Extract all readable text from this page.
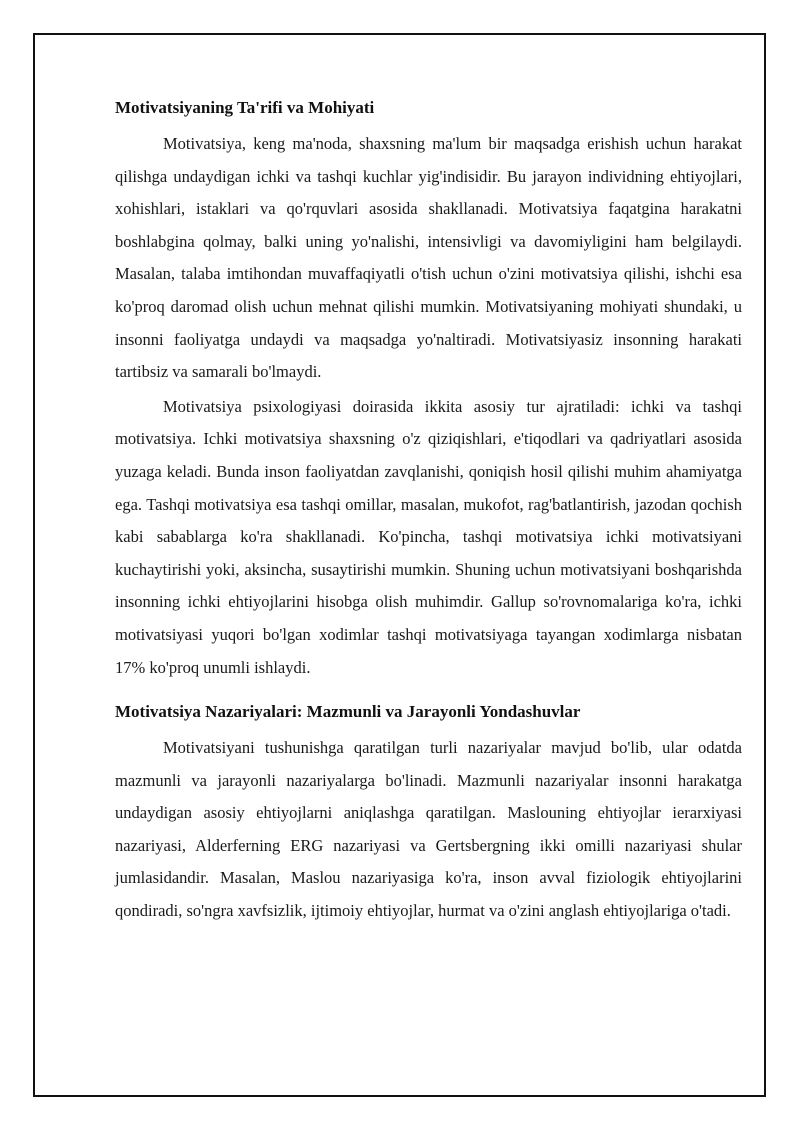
Motivatsiyaning Ta'rifi va Mohiyati

Motivatsiya, keng ma'noda, shaxsning ma'lum bir maqsadga erishish uchun harakat qilishga undaydigan ichki va tashqi kuchlar yig'indisidir. Bu jarayon individning ehtiyojlari, xohishlari, istaklari va qo'rquvlari asosida shakllanadi. Motivatsiya faqatgina harakatni boshlabgina qolmay, balki uning yo'nalishi, intensivligi va davomiyligini ham belgilaydi. Masalan, talaba imtihondan muvaffaqiyatli o'tish uchun o'zini motivatsiya qilishi, ishchi esa ko'proq daromad olish uchun mehnat qilishi mumkin. Motivatsiyaning mohiyati shundaki, u insonni faoliyatga undaydi va maqsadga yo'naltiradi. Motivatsiyasiz insonning harakati tartibsiz va samarali bo'lmaydi.

Motivatsiya psixologiyasi doirasida ikkita asosiy tur ajratiladi: ichki va tashqi motivatsiya. Ichki motivatsiya shaxsning o'z qiziqishlari, e'tiqodlari va qadriyatlari asosida yuzaga keladi. Bunda inson faoliyatdan zavqlanishi, qoniqish hosil qilishi muhim ahamiyatga ega. Tashqi motivatsiya esa tashqi omillar, masalan, mukofot, rag'batlantirish, jazodan qochish kabi sabablarga ko'ra shakllanadi. Ko'pincha, tashqi motivatsiya ichki motivatsiyani kuchaytirishi yoki, aksincha, susaytirishi mumkin. Shuning uchun motivatsiyani boshqarishda insonning ichki ehtiyojlarini hisobga olish muhimdir. Gallup so'rovnomalariga ko'ra, ichki motivatsiyasi yuqori bo'lgan xodimlar tashqi motivatsiyaga tayangan xodimlarga nisbatan 17% ko'proq unumli ishlaydi.

Motivatsiya Nazariyalari: Mazmunli va Jarayonli Yondashuvlar

Motivatsiyani tushunishga qaratilgan turli nazariyalar mavjud bo'lib, ular odatda mazmunli va jarayonli nazariyalarga bo'linadi. Mazmunli nazariyalar insonni harakatga undaydigan asosiy ehtiyojlarni aniqlashga qaratilgan. Maslouning ehtiyojlar ierarxiyasi nazariyasi, Alderferning ERG nazariyasi va Gertsbergning ikki omilli nazariyasi shular jumlasidandir. Masalan, Maslou nazariyasiga ko'ra, inson avval fiziologik ehtiyojlarini qondiradi, so'ngra xavfsizlik, ijtimoiy ehtiyojlar, hurmat va o'zini anglash ehtiyojlariga o'tadi.
